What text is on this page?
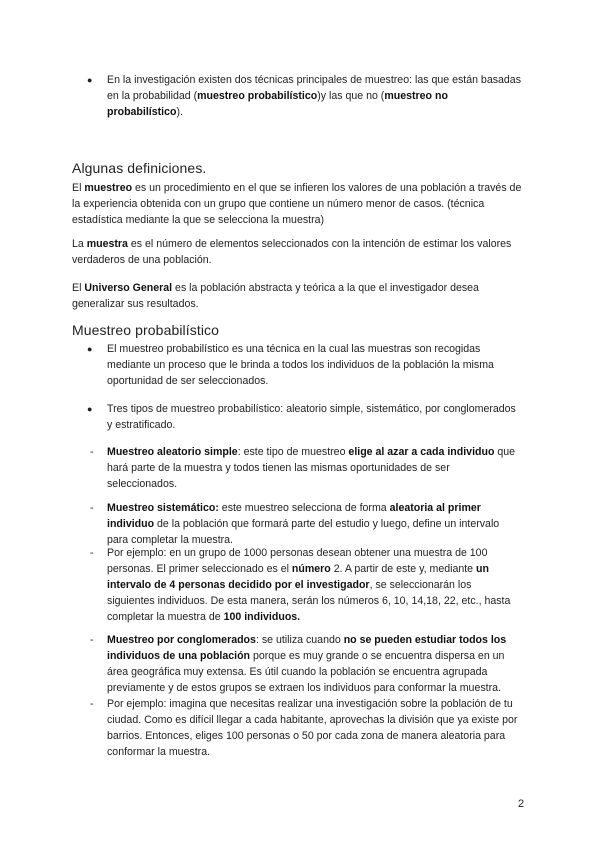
● En la investigación existen dos técnicas principales de muestreo: las que están basadas en la probabilidad (muestreo probabilístico)y las que no (muestreo no probabilístico).
Algunas definiciones.

El muestreo es un procedimiento en el que se infieren los valores de una población a través de la experiencia obtenida con un grupo que contiene un número menor de casos. (técnica estadística mediante la que se selecciona la muestra)

La muestra es el número de elementos seleccionados con la intención de estimar los valores verdaderos de una población.

El Universo General es la población abstracta y teórica a la que el investigador desea generalizar sus resultados.

Muestreo probabilístico
● El muestreo probabilístico es una técnica en la cual las muestras son recogidas mediante un proceso que le brinda a todos los individuos de la población la misma oportunidad de ser seleccionados.
● Tres tipos de muestreo probabilístico: aleatorio simple, sistemático, por conglomerados y estratificado.
- Muestreo aleatorio simple: este tipo de muestreo elige al azar a cada individuo que hará parte de la muestra y todos tienen las mismas oportunidades de ser seleccionados.
- Muestreo sistemático: este muestreo selecciona de forma aleatoria al primer individuo de la población que formará parte del estudio y luego, define un intervalo para completar la muestra.
- Por ejemplo: en un grupo de 1000 personas desean obtener una muestra de 100 personas. El primer seleccionado es el número 2. A partir de este y, mediante un intervalo de 4 personas decidido por el investigador, se seleccionarán los siguientes individuos. De esta manera, serán los números 6, 10, 14,18, 22, etc., hasta completar la muestra de 100 individuos.
- Muestreo por conglomerados: se utiliza cuando no se pueden estudiar todos los individuos de una población porque es muy grande o se encuentra dispersa en un área geográfica muy extensa. Es útil cuando la población se encuentra agrupada previamente y de estos grupos se extraen los individuos para conformar la muestra.
- Por ejemplo: imagina que necesitas realizar una investigación sobre la población de tu ciudad. Como es difícil llegar a cada habitante, aprovechas la división que ya existe por barrios. Entonces, eliges 100 personas o 50 por cada zona de manera aleatoria para conformar la muestra.
2
